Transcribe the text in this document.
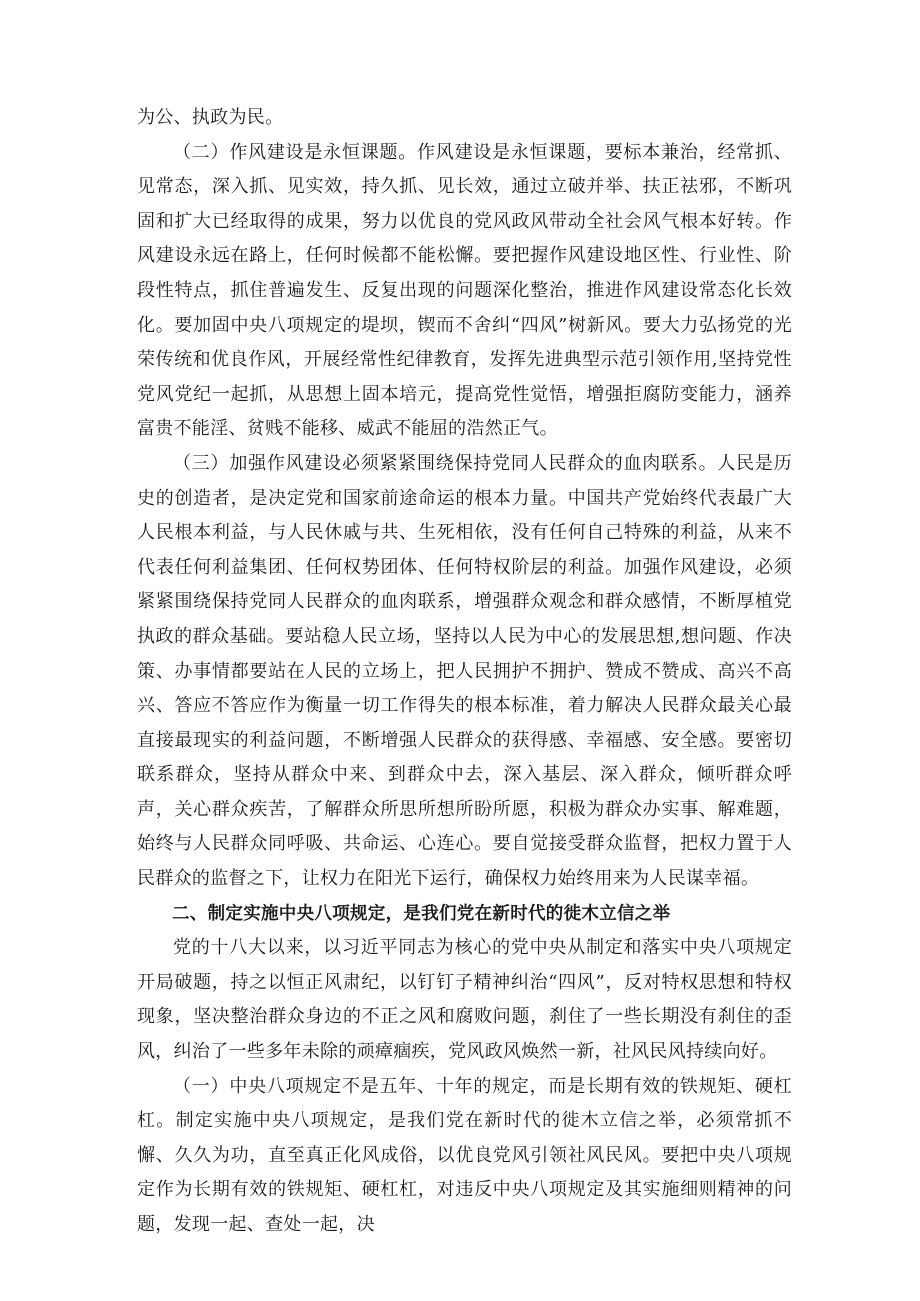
为公、执政为民。

（二）作风建设是永恒课题。作风建设是永恒课题，要标本兼治，经常抓、见常态，深入抓、见实效，持久抓、见长效，通过立破并举、扶正祛邪，不断巩固和扩大已经取得的成果，努力以优良的党风政风带动全社会风气根本好转。作风建设永远在路上，任何时候都不能松懈。要把握作风建设地区性、行业性、阶段性特点，抓住普遍发生、反复出现的问题深化整治，推进作风建设常态化长效化。要加固中央八项规定的堤坝，锲而不舍纠“四风”树新风。要大力弘扬党的光荣传统和优良作风，开展经常性纪律教育，发挥先进典型示范引领作用,坚持党性党风党纪一起抓，从思想上固本培元，提高党性觉悟，增强拒腐防变能力，涵养富贵不能淫、贫贱不能移、威武不能屈的浩然正气。

（三）加强作风建设必须紧紧围绕保持党同人民群众的血肉联系。人民是历史的创造者，是决定党和国家前途命运的根本力量。中国共产党始终代表最广大人民根本利益，与人民休戚与共、生死相依，没有任何自己特殊的利益，从来不代表任何利益集团、任何权势团体、任何特权阶层的利益。加强作风建设，必须紧紧围绕保持党同人民群众的血肉联系，增强群众观念和群众感情，不断厚植党执政的群众基础。要站稳人民立场，坚持以人民为中心的发展思想,想问题、作决策、办事情都要站在人民的立场上，把人民拥护不拥护、赞成不赞成、高兴不高兴、答应不答应作为衡量一切工作得失的根本标准，着力解决人民群众最关心最直接最现实的利益问题，不断增强人民群众的获得感、幸福感、安全感。要密切联系群众，坚持从群众中来、到群众中去，深入基层、深入群众，倾听群众呼声，关心群众疾苦，了解群众所思所想所盼所愿，积极为群众办实事、解难题，始终与人民群众同呼吸、共命运、心连心。要自觉接受群众监督，把权力置于人民群众的监督之下，让权力在阳光下运行，确保权力始终用来为人民谋幸福。

二、制定实施中央八项规定，是我们党在新时代的徙木立信之举

党的十八大以来，以习近平同志为核心的党中央从制定和落实中央八项规定开局破题，持之以恒正风肃纪，以钉钉子精神纠治“四风”，反对特权思想和特权现象，坚决整治群众身边的不正之风和腐败问题，刹住了一些长期没有刹住的歪风，纠治了一些多年未除的顽瘴痼疾，党风政风焕然一新，社风民风持续向好。

（一）中央八项规定不是五年、十年的规定，而是长期有效的铁规矩、硬杠杠。制定实施中央八项规定，是我们党在新时代的徙木立信之举，必须常抓不懈、久久为功，直至真正化风成俗，以优良党风引领社风民风。要把中央八项规定作为长期有效的铁规矩、硬杠杠，对违反中央八项规定及其实施细则精神的问题，发现一起、查处一起，决
